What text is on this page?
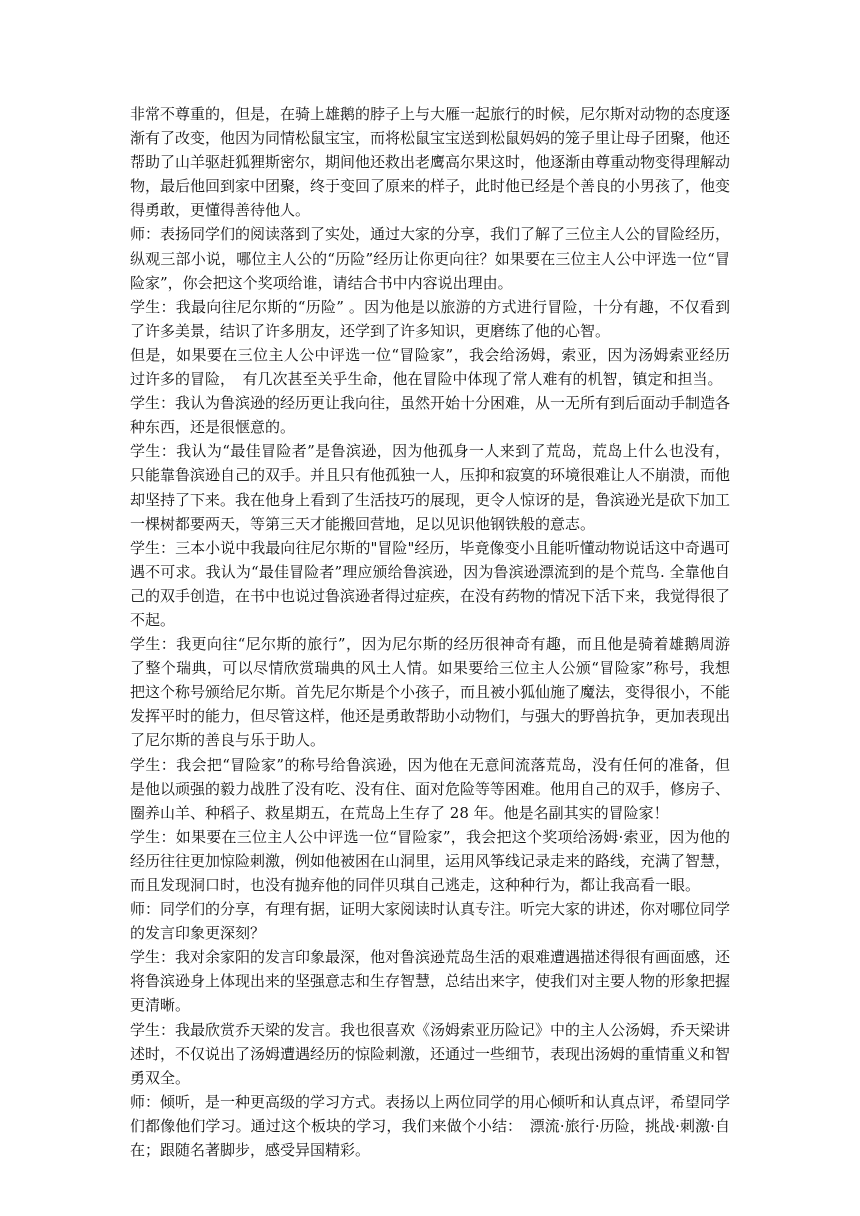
非常不尊重的，但是，在骑上雄鹅的脖子上与大雁一起旅行的时候，尼尔斯对动物的态度逐渐有了改变，他因为同情松鼠宝宝，而将松鼠宝宝送到松鼠妈妈的笼子里让母子团聚，他还帮助了山羊驱赶狐狸斯密尔，期间他还救出老鹰高尔果这时，他逐渐由尊重动物变得理解动物，最后他回到家中团聚，终于变回了原来的样子，此时他已经是个善良的小男孩了，他变得勇敢，更懂得善待他人。

师：表扬同学们的阅读落到了实处，通过大家的分享，我们了解了三位主人公的冒险经历，纵观三部小说，哪位主人公的“历险”经历让你更向往？如果要在三位主人公中评选一位“冒险家”，你会把这个奖项给谁，请结合书中内容说出理由。

学生：我最向往尼尔斯的“历险” 。因为他是以旅游的方式进行冒险，十分有趣，不仅看到了许多美景，结识了许多朋友，还学到了许多知识，更磨练了他的心智。

但是，如果要在三位主人公中评选一位“冒险家”，我会给汤姆，索亚，因为汤姆索亚经历过许多的冒险，　有几次甚至关乎生命，他在冒险中体现了常人难有的机智，镇定和担当。

学生：我认为鲁滨逊的经历更让我向往，虽然开始十分困难，从一无所有到后面动手制造各种东西，还是很惬意的。

学生：我认为“最佳冒险者”是鲁滨逊，因为他孤身一人来到了荒岛，荒岛上什么也没有，只能靠鲁滨逊自己的双手。并且只有他孤独一人，压抑和寂寞的环境很难让人不崩溃，而他却坚持了下来。我在他身上看到了生活技巧的展现，更令人惊讶的是，鲁滨逊光是砍下加工一棵树都要两天，等第三天才能搬回营地，足以见识他钢铁般的意志。

学生：三本小说中我最向往尼尔斯的"冒险"经历，毕竟像变小且能听懂动物说话这中奇遇可遇不可求。我认为“最佳冒险者”理应颁给鲁滨逊，因为鲁滨逊漂流到的是个荒鸟. 全靠他自己的双手创造，在书中也说过鲁滨逊者得过症疾，在没有药物的情况下活下来，我觉得很了不起。

学生：我更向往“尼尔斯的旅行”，因为尼尔斯的经历很神奇有趣，而且他是骑着雄鹅周游了整个瑞典，可以尽情欣赏瑞典的风土人情。如果要给三位主人公颁“冒险家”称号，我想把这个称号颁给尼尔斯。首先尼尔斯是个小孩子，而且被小狐仙施了魔法，变得很小，不能发挥平时的能力，但尽管这样，他还是勇敢帮助小动物们，与强大的野兽抗争，更加表现出了尼尔斯的善良与乐于助人。

学生：我会把“冒险家”的称号给鲁滨逊，因为他在无意间流落荒岛，没有任何的准备，但是他以顽强的毅力战胜了没有吃、没有住、面对危险等等困难。他用自己的双手，修房子、圈养山羊、种稻子、救星期五，在荒岛上生存了 28 年。他是名副其实的冒险家！

学生：如果要在三位主人公中评选一位“冒险家”，我会把这个奖项给汤姆·索亚，因为他的经历往往更加惊险刺激，例如他被困在山洞里，运用风筝线记录走来的路线，充满了智慧，而且发现洞口时，也没有抛弃他的同伴贝琪自己逃走，这种种行为，都让我高看一眼。

师：同学们的分享，有理有据，证明大家阅读时认真专注。听完大家的讲述，你对哪位同学的发言印象更深刻？

学生：我对余家阳的发言印象最深，他对鲁滨逊荒岛生活的艰难遭遇描述得很有画面感，还将鲁滨逊身上体现出来的坚强意志和生存智慧，总结出来字，使我们对主要人物的形象把握更清晰。

学生：我最欣赏乔天梁的发言。我也很喜欢《汤姆索亚历险记》中的主人公汤姆，乔天梁讲述时，不仅说出了汤姆遭遇经历的惊险刺激，还通过一些细节，表现出汤姆的重情重义和智勇双全。

师：倾听，是一种更高级的学习方式。表扬以上两位同学的用心倾听和认真点评，希望同学们都像他们学习。通过这个板块的学习，我们来做个小结：　漂流·旅行·历险，挑战·刺激·自在；跟随名著脚步，感受异国精彩。
